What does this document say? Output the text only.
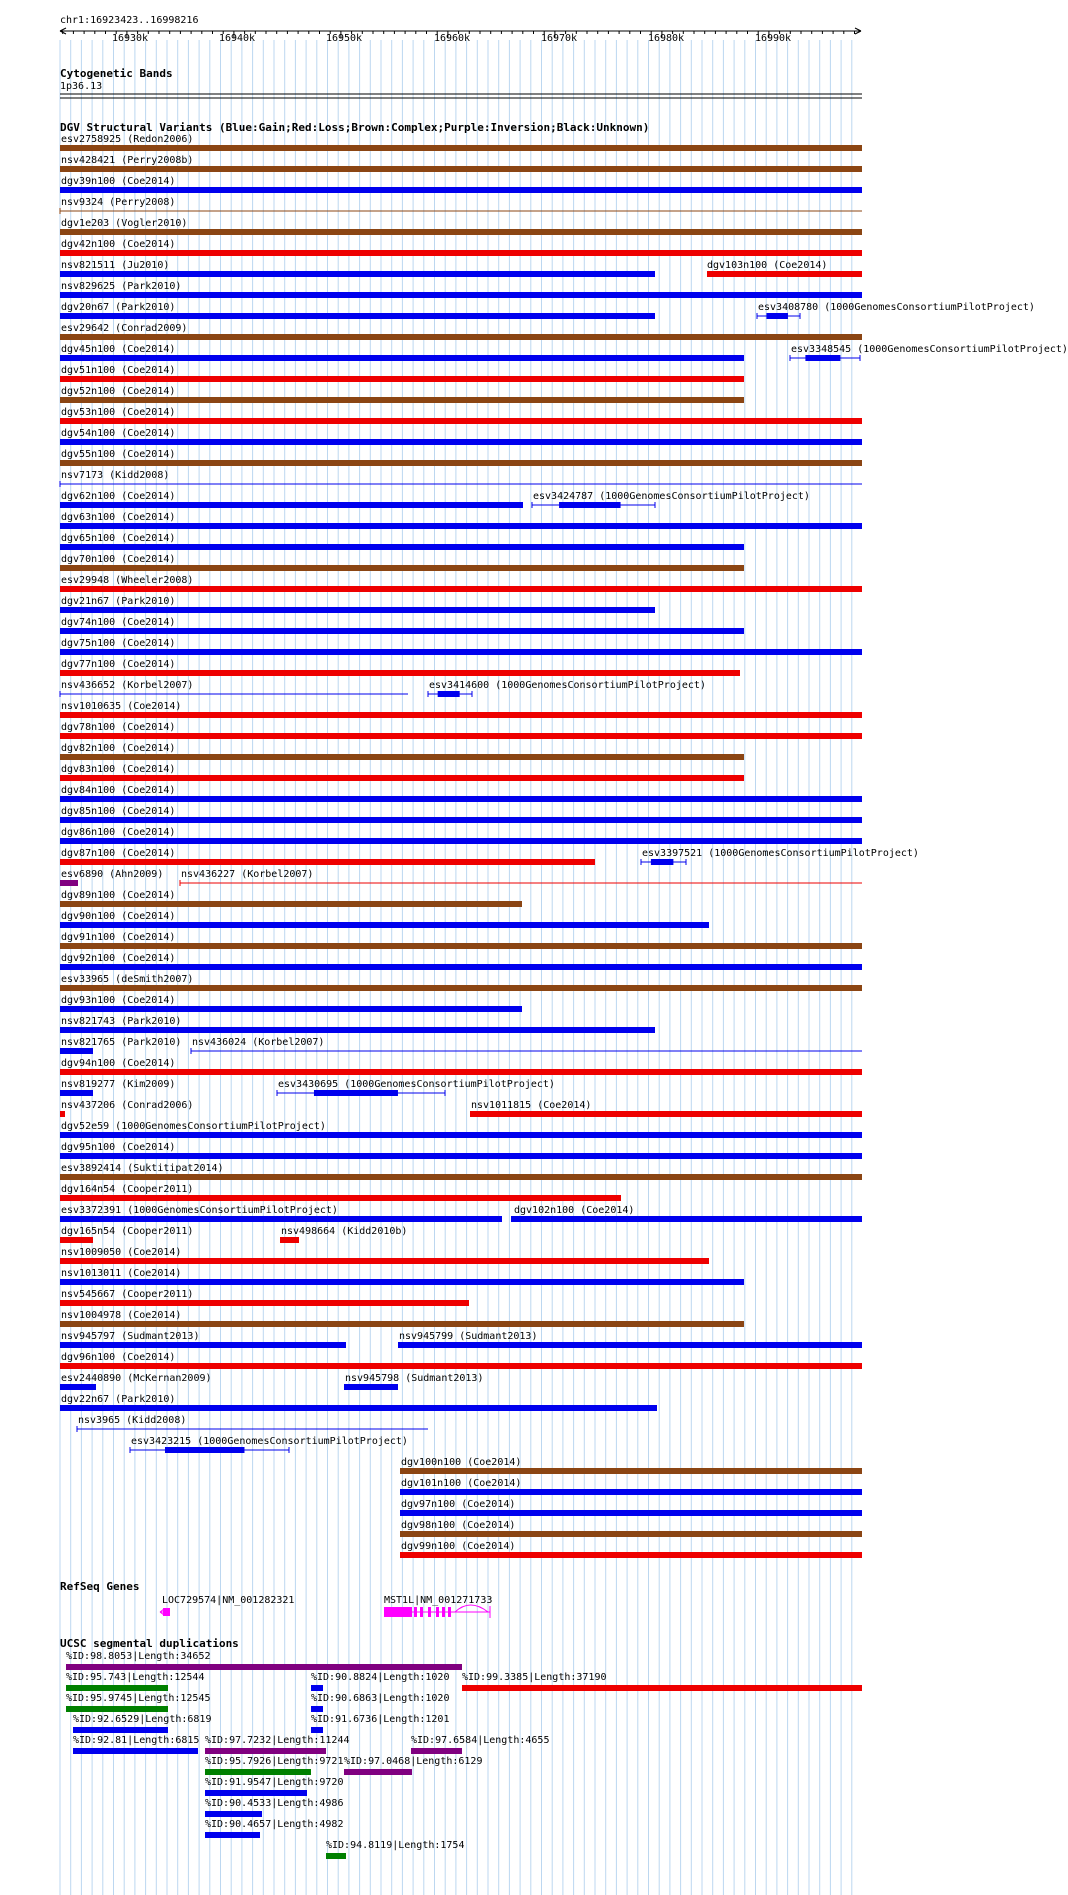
chr1:16923423..16998216
16930k	16940k	16950k	16960k	16970k	16980k	16990k
Cytogenetic Bands
1p36.13
DGV Structural Variants (Blue:Gain;Red:Loss;Brown:Complex;Purple:Inversion;Black:Unknown)
esv2758925 (Redon2006)
nsv428421 (Perry2008b)
dgv39n100 (Coe2014)
nsv9324 (Perry2008)
dgv1e203 (Vogler2010)
dgv42n100 (Coe2014)
nsv821511 (Ju2010)	dgv103n100 (Coe2014)
nsv829625 (Park2010)
dgv20n67 (Park2010)	esv3408780 (1000GenomesConsortiumPilotProject)
esv29642 (Conrad2009)
dgv45n100 (Coe2014)	esv3348545 (1000GenomesConsortiumPilotProject)
dgv51n100 (Coe2014)
dgv52n100 (Coe2014)
dgv53n100 (Coe2014)
dgv54n100 (Coe2014)
dgv55n100 (Coe2014)
nsv7173 (Kidd2008)
dgv62n100 (Coe2014)	esv3424787 (1000GenomesConsortiumPilotProject)
dgv63n100 (Coe2014)
dgv65n100 (Coe2014)
dgv70n100 (Coe2014)
esv29948 (Wheeler2008)
dgv21n67 (Park2010)
dgv74n100 (Coe2014)
dgv75n100 (Coe2014)
dgv77n100 (Coe2014)
nsv436652 (Korbel2007)	esv3414600 (1000GenomesConsortiumPilotProject)
nsv1010635 (Coe2014)
dgv78n100 (Coe2014)
dgv82n100 (Coe2014)
dgv83n100 (Coe2014)
dgv84n100 (Coe2014)
dgv85n100 (Coe2014)
dgv86n100 (Coe2014)
dgv87n100 (Coe2014)	esv3397521 (1000GenomesConsortiumPilotProject)
esv6890 (Ahn2009) nsv436227 (Korbel2007)
dgv89n100 (Coe2014)
dgv90n100 (Coe2014)
dgv91n100 (Coe2014)
dgv92n100 (Coe2014)
esv33965 (deSmith2007)
dgv93n100 (Coe2014)
nsv821743 (Park2010)
nsv821765 (Park2010) nsv436024 (Korbel2007)
dgv94n100 (Coe2014)
nsv819277 (Kim2009)	esv3430695 (1000GenomesConsortiumPilotProject)
nsv437206 (Conrad2006)	nsv1011815 (Coe2014)
dgv52e59 (1000GenomesConsortiumPilotProject)
dgv95n100 (Coe2014)
esv3892414 (Suktitipat2014)
dgv164n54 (Cooper2011)
esv3372391 (1000GenomesConsortiumPilotProject)	dgv102n100 (Coe2014)
dgv165n54 (Cooper2011)	nsv498664 (Kidd2010b)
nsv1009050 (Coe2014)
nsv1013011 (Coe2014)
nsv545667 (Cooper2011)
nsv1004978 (Coe2014)
nsv945797 (Sudmant2013)	nsv945799 (Sudmant2013)
dgv96n100 (Coe2014)
esv2440890 (McKernan2009)	nsv945798 (Sudmant2013)
dgv22n67 (Park2010)
nsv3965 (Kidd2008)
esv3423215 (1000GenomesConsortiumPilotProject)
dgv100n100 (Coe2014)
dgv101n100 (Coe2014)
dgv97n100 (Coe2014)
dgv98n100 (Coe2014)
dgv99n100 (Coe2014)
RefSeq Genes
LOC729574|NM_001282321	MST1L|NM_001271733
UCSC segmental duplications
%ID:98.8053|Length:34652
%ID:95.743|Length:12544	%ID:90.8824|Length:1020 %ID:99.3385|Length:37190
%ID:95.9745|Length:12545	%ID:90.6863|Length:1020
%ID:92.6529|Length:6819	%ID:91.6736|Length:1201
%ID:92.81|Length:6815 %ID:97.7232|Length:11244	%ID:97.6584|Length:4655
%ID:95.7926|Length:9721 %ID:97.0468|Length:6129
%ID:91.9547|Length:9720
%ID:90.4533|Length:4986
%ID:90.4657|Length:4982
%ID:94.8119|Length:1754
